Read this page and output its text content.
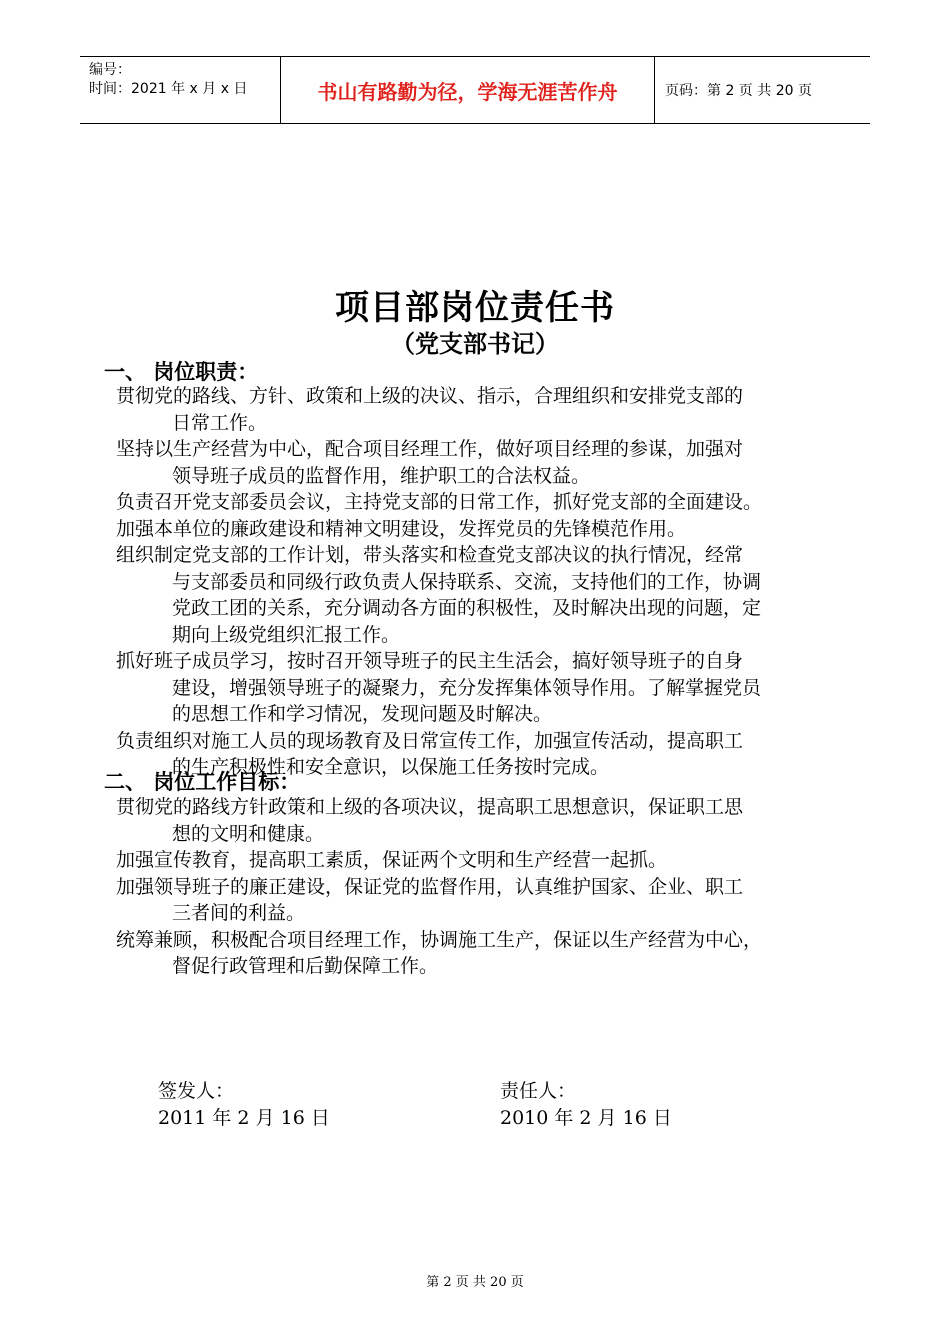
编号：
时间：2021 年 x 月 x 日	书山有路勤为径，学海无涯苦作舟	页码：第 2 页 共 20 页
项目部岗位责任书
（党支部书记）
一、 岗位职责：
贯彻党的路线、方针、政策和上级的决议、指示，合理组织和安排党支部的
日常工作。
坚持以生产经营为中心，配合项目经理工作，做好项目经理的参谋，加强对
领导班子成员的监督作用，维护职工的合法权益。
负责召开党支部委员会议，主持党支部的日常工作，抓好党支部的全面建设。
加强本单位的廉政建设和精神文明建设，发挥党员的先锋模范作用。
组织制定党支部的工作计划，带头落实和检查党支部决议的执行情况，经常
与支部委员和同级行政负责人保持联系、交流，支持他们的工作，协调
党政工团的关系，充分调动各方面的积极性，及时解决出现的问题，定
期向上级党组织汇报工作。
抓好班子成员学习，按时召开领导班子的民主生活会，搞好领导班子的自身
建设，增强领导班子的凝聚力，充分发挥集体领导作用。了解掌握党员
的思想工作和学习情况，发现问题及时解决。
负责组织对施工人员的现场教育及日常宣传工作，加强宣传活动，提高职工
的生产积极性和安全意识，以保施工任务按时完成。
二、 岗位工作目标：
贯彻党的路线方针政策和上级的各项决议，提高职工思想意识，保证职工思
想的文明和健康。
加强宣传教育，提高职工素质，保证两个文明和生产经营一起抓。
加强领导班子的廉正建设，保证党的监督作用，认真维护国家、企业、职工
三者间的利益。
统筹兼顾，积极配合项目经理工作，协调施工生产，保证以生产经营为中心，
督促行政管理和后勤保障工作。
签发人：
2011 年 2 月 16 日
责任人：
2010 年 2 月 16 日
第 2 页 共 20 页
